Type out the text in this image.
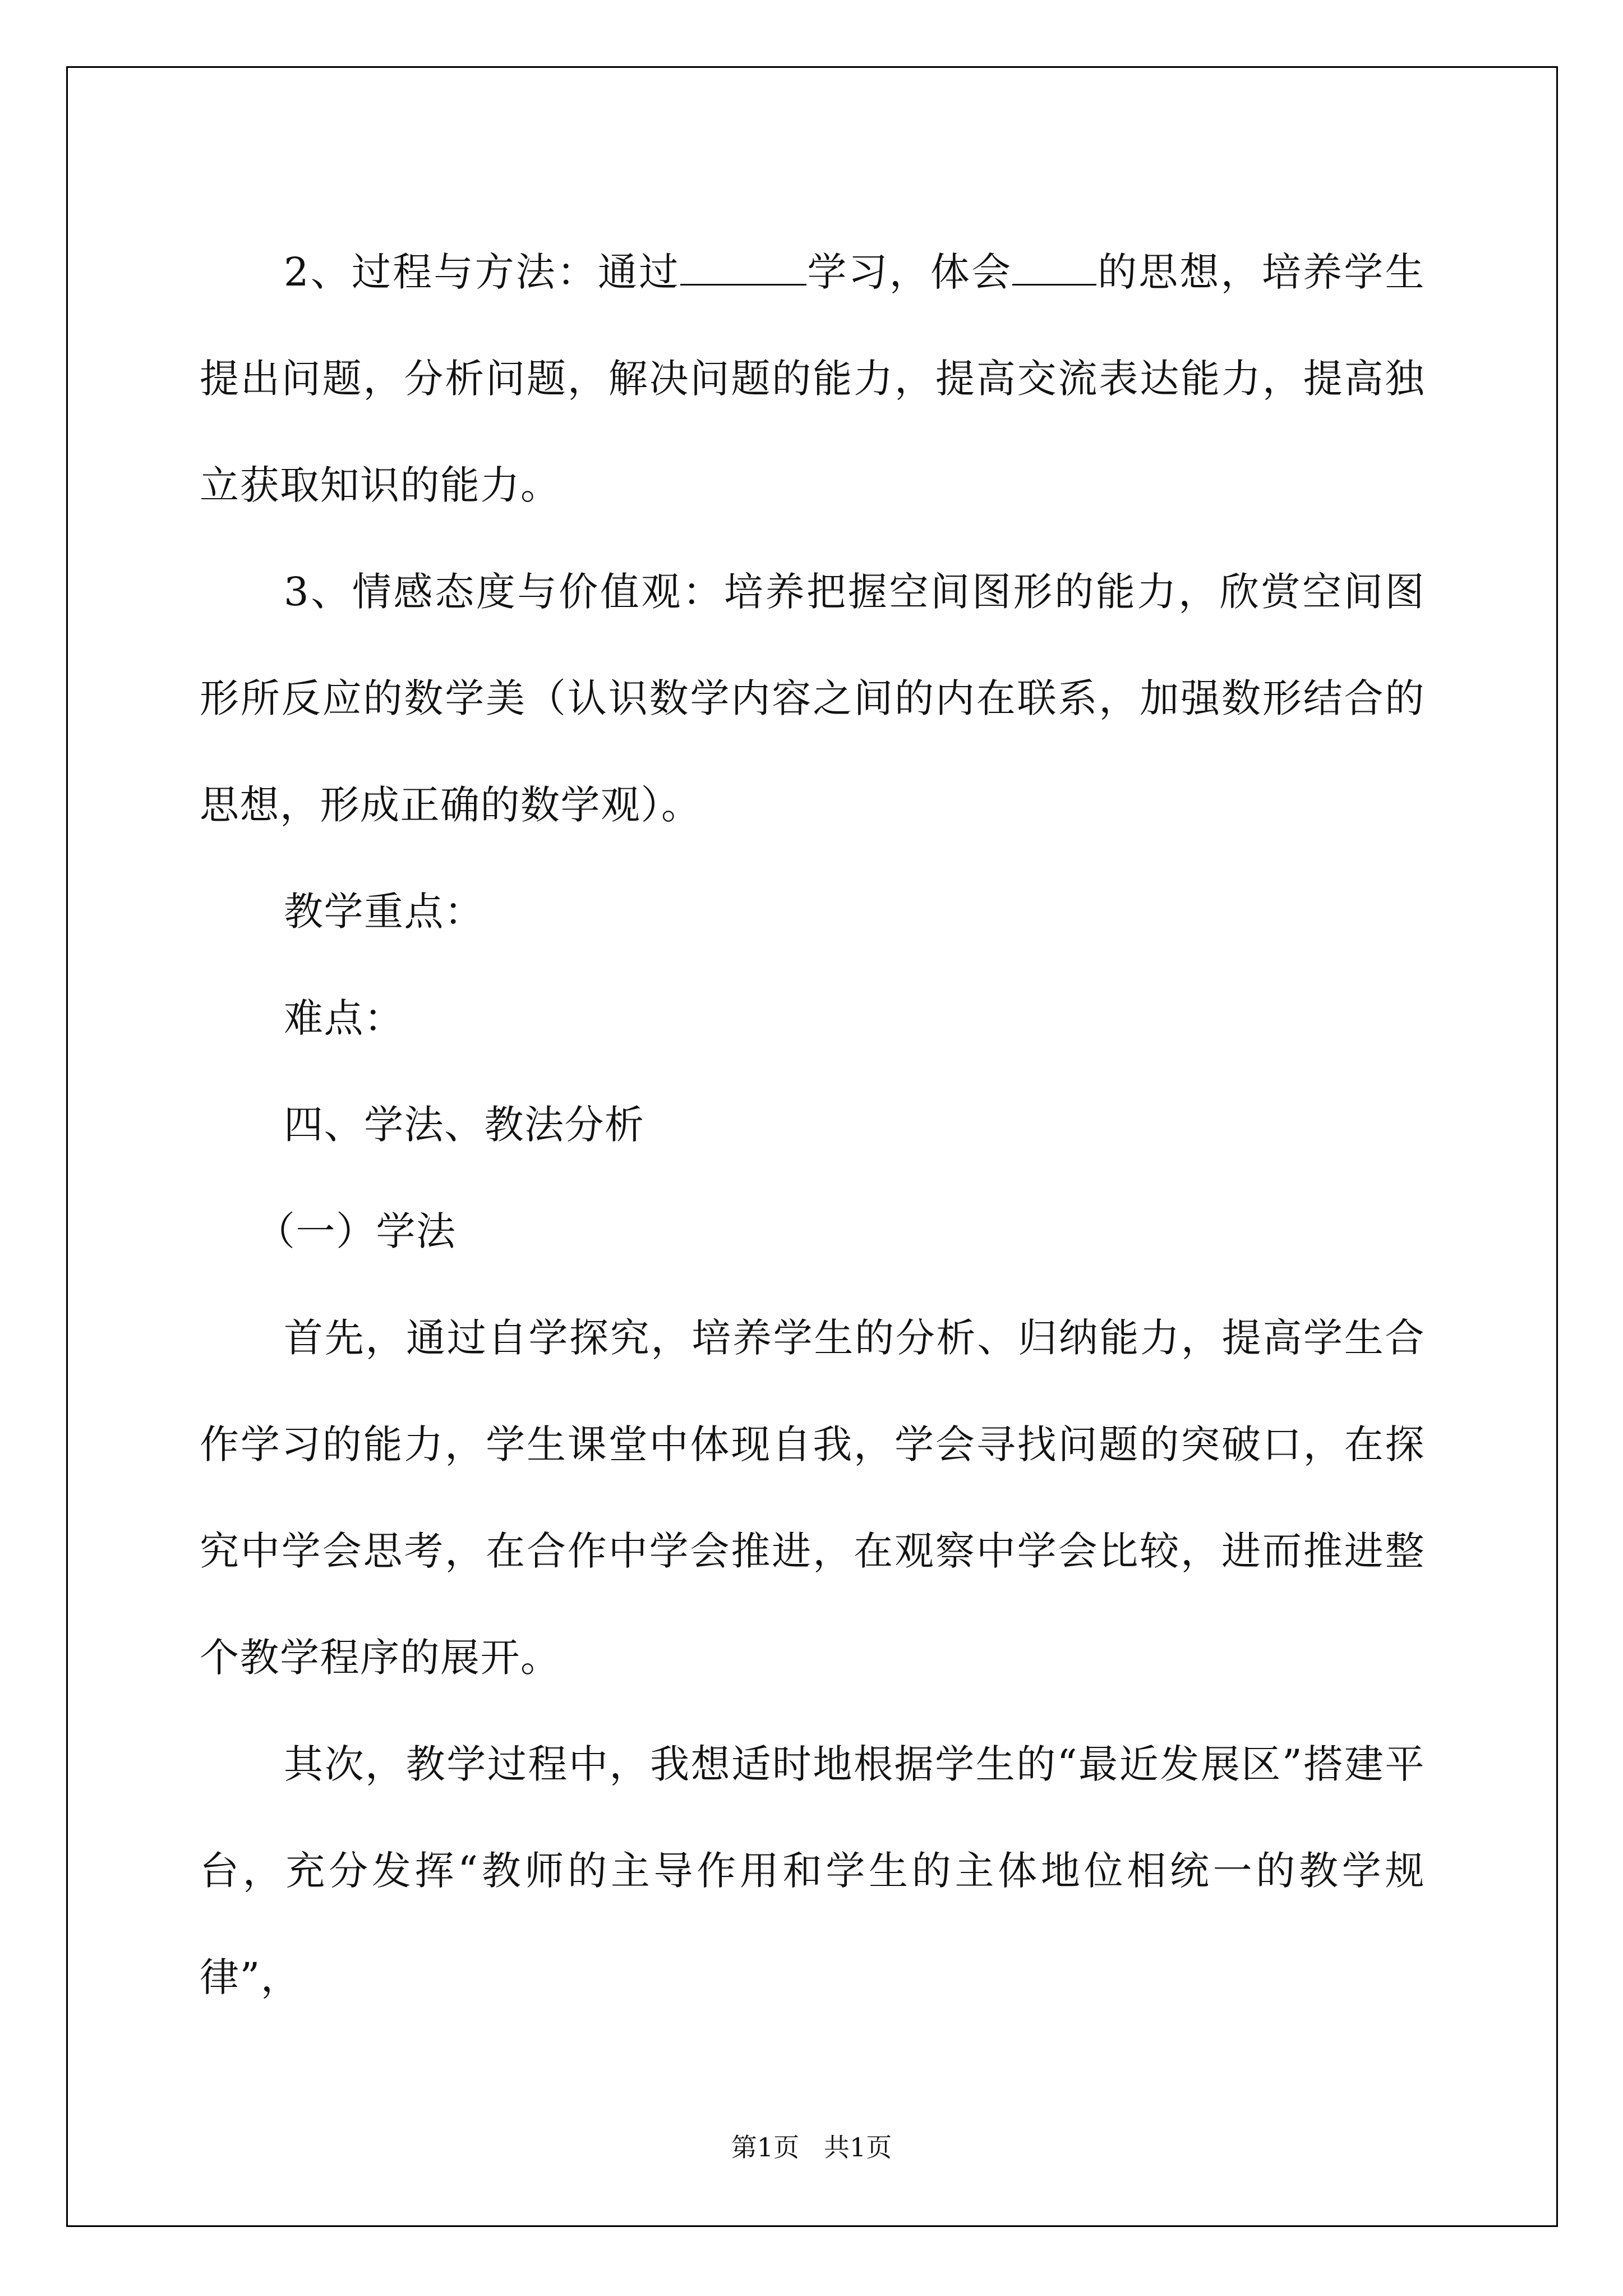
2、过程与方法：通过	学习，体会 的思想，培养学生提出问题，分析问题，解决问题的能力，提高交流表达能力，提高独立获取知识的能力。

3、情感态度与价值观：培养把握空间图形的能力，欣赏空间图形所反应的数学美（认识数学内容之间的内在联系，加强数形结合的思想，形成正确的数学观）。

教学重点：

难点：

四、学法、教法分析

（一）学法

首先，通过自学探究，培养学生的分析、归纳能力，提高学生合作学习的能力，学生课堂中体现自我，学会寻找问题的突破口，在探究中学会思考，在合作中学会推进，在观察中学会比较，进而推进整个教学程序的展开。

其次，教学过程中，我想适时地根据学生的“最近发展区”搭建平台，充分发挥“教师的主导作用和学生的主体地位相统一的教学规律”，

第1页   共1页
